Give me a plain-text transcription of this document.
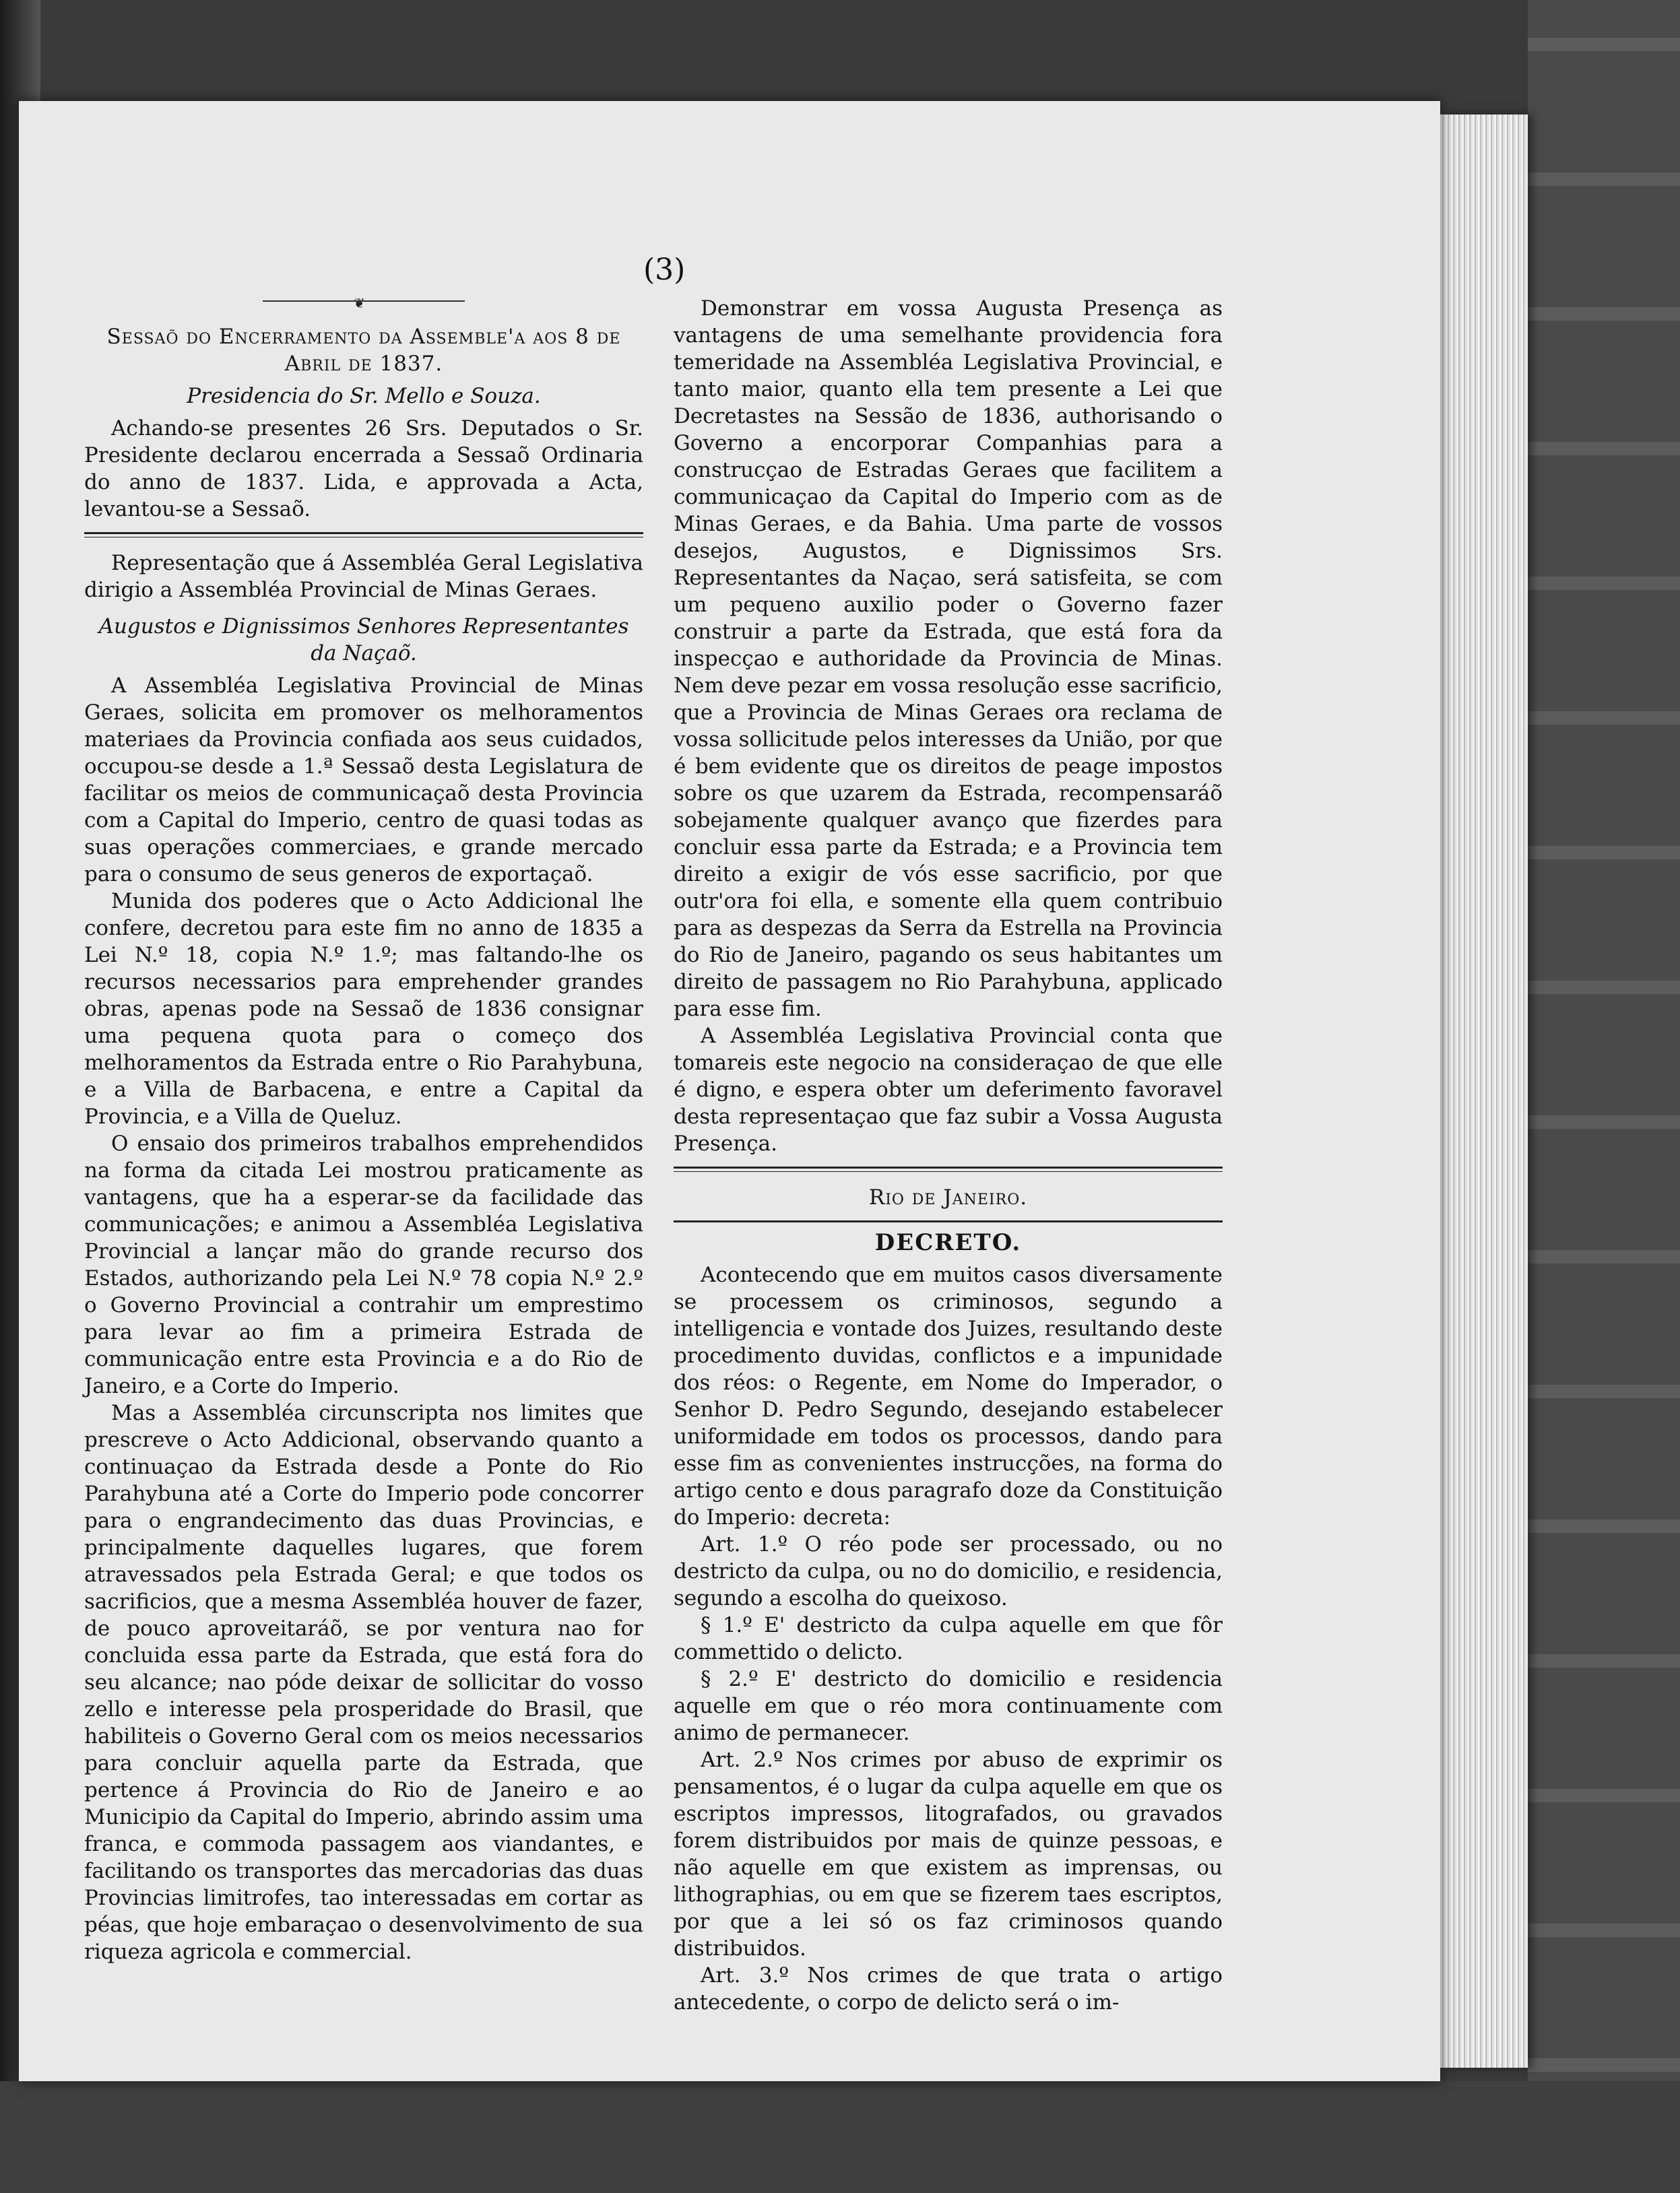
(3)
❦

Sessaõ do Encerramento da Assemble'a aos 8 de Abril de 1837.

Presidencia do Sr. Mello e Souza.

Achando-se presentes 26 Srs. Deputados o Sr. Presidente declarou encerrada a Sessaõ Ordinaria do anno de 1837. Lida, e approvada a Acta, levantou-se a Sessaõ.

Representação que á Assembléa Geral Legislativa dirigio a Assembléa Provincial de Minas Geraes.

Augustos e Dignissimos Senhores Representantes da Naçaõ.

A Assembléa Legislativa Provincial de Minas Geraes, solicita em promover os melhoramentos materiaes da Provincia confiada aos seus cuidados, occupou-se desde a 1.ª Sessaõ desta Legislatura de facilitar os meios de communicaçaõ desta Provincia com a Capital do Imperio, centro de quasi todas as suas operações commerciaes, e grande mercado para o consumo de seus generos de exportaçaõ.

Munida dos poderes que o Acto Addicional lhe confere, decretou para este fim no anno de 1835 a Lei N.º 18, copia N.º 1.º; mas faltando-lhe os recursos necessarios para emprehender grandes obras, apenas pode na Sessaõ de 1836 consignar uma pequena quota para o começo dos melhoramentos da Estrada entre o Rio Parahybuna, e a Villa de Barbacena, e entre a Capital da Provincia, e a Villa de Queluz.

O ensaio dos primeiros trabalhos emprehendidos na forma da citada Lei mostrou praticamente as vantagens, que ha a esperar-se da facilidade das communicações; e animou a Assembléa Legislativa Provincial a lançar mão do grande recurso dos Estados, authorizando pela Lei N.º 78 copia N.º 2.º o Governo Provincial a contrahir um emprestimo para levar ao fim a primeira Estrada de communicação entre esta Provincia e a do Rio de Janeiro, e a Corte do Imperio.

Mas a Assembléa circunscripta nos limites que prescreve o Acto Addicional, observando quanto a continuaçao da Estrada desde a Ponte do Rio Parahybuna até a Corte do Imperio pode concorrer para o engrandecimento das duas Provincias, e principalmente daquelles lugares, que forem atravessados pela Estrada Geral; e que todos os sacrificios, que a mesma Assembléa houver de fazer, de pouco aproveitaráõ, se por ventura nao for concluida essa parte da Estrada, que está fora do seu alcance; nao póde deixar de sollicitar do vosso zello e interesse pela prosperidade do Brasil, que habiliteis o Governo Geral com os meios necessarios para concluir aquella parte da Estrada, que pertence á Provincia do Rio de Janeiro e ao Municipio da Capital do Imperio, abrindo assim uma franca, e commoda passagem aos viandantes, e facilitando os transportes das mercadorias das duas Provincias limitrofes, tao interessadas em cortar as péas, que hoje embaraçao o desenvolvimento de sua riqueza agricola e commercial.

Demonstrar em vossa Augusta Presença as vantagens de uma semelhante providencia fora temeridade na Assembléa Legislativa Provincial, e tanto maior, quanto ella tem presente a Lei que Decretastes na Sessão de 1836, authorisando o Governo a encorporar Companhias para a construcçao de Estradas Geraes que facilitem a communicaçao da Capital do Imperio com as de Minas Geraes, e da Bahia. Uma parte de vossos desejos, Augustos, e Dignissimos Srs. Representantes da Naçao, será satisfeita, se com um pequeno auxilio poder o Governo fazer construir a parte da Estrada, que está fora da inspecçao e authoridade da Provincia de Minas. Nem deve pezar em vossa resolução esse sacrificio, que a Provincia de Minas Geraes ora reclama de vossa sollicitude pelos interesses da União, por que é bem evidente que os direitos de peage impostos sobre os que uzarem da Estrada, recompensaráõ sobejamente qualquer avanço que fizerdes para concluir essa parte da Estrada; e a Provincia tem direito a exigir de vós esse sacrificio, por que outr'ora foi ella, e somente ella quem contribuio para as despezas da Serra da Estrella na Provincia do Rio de Janeiro, pagando os seus habitantes um direito de passagem no Rio Parahybuna, applicado para esse fim.

A Assembléa Legislativa Provincial conta que tomareis este negocio na consideraçao de que elle é digno, e espera obter um deferimento favoravel desta representaçao que faz subir a Vossa Augusta Presença.

Rio de Janeiro.

DECRETO.

Acontecendo que em muitos casos diversamente se processem os criminosos, segundo a intelligencia e vontade dos Juizes, resultando deste procedimento duvidas, conflictos e a impunidade dos réos: o Regente, em Nome do Imperador, o Senhor D. Pedro Segundo, desejando estabelecer uniformidade em todos os processos, dando para esse fim as convenientes instrucções, na forma do artigo cento e dous paragrafo doze da Constituição do Imperio: decreta:

Art. 1.º O réo pode ser processado, ou no destricto da culpa, ou no do domicilio, e residencia, segundo a escolha do queixoso.

§ 1.º E' destricto da culpa aquelle em que fôr commettido o delicto.

§ 2.º E' destricto do domicilio e residencia aquelle em que o réo mora continuamente com animo de permanecer.

Art. 2.º Nos crimes por abuso de exprimir os pensamentos, é o lugar da culpa aquelle em que os escriptos impressos, litografados, ou gravados forem distribuidos por mais de quinze pessoas, e não aquelle em que existem as imprensas, ou lithographias, ou em que se fizerem taes escriptos, por que a lei só os faz criminosos quando distribuidos.

Art. 3.º Nos crimes de que trata o artigo antecedente, o corpo de delicto será o im-
